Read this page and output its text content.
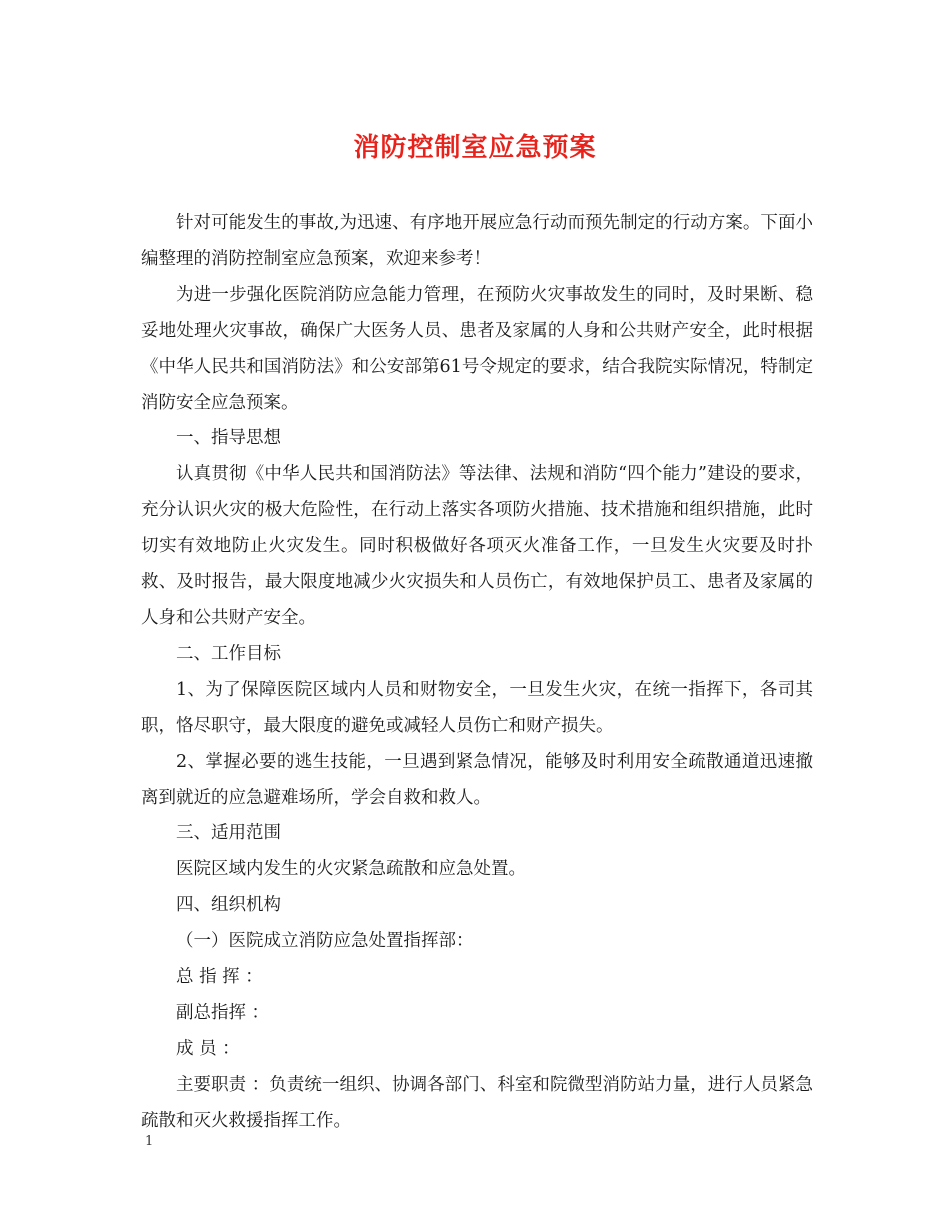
消防控制室应急预案

针对可能发生的事故,为迅速、有序地开展应急行动而预先制定的行动方案。下面小编整理的消防控制室应急预案，欢迎来参考！

为进一步强化医院消防应急能力管理，在预防火灾事故发生的同时，及时果断、稳妥地处理火灾事故，确保广大医务人员、患者及家属的人身和公共财产安全，此时根据《中华人民共和国消防法》和公安部第61号令规定的要求，结合我院实际情况，特制定消防安全应急预案。

一、指导思想

认真贯彻《中华人民共和国消防法》等法律、法规和消防“四个能力”建设的要求，充分认识火灾的极大危险性，在行动上落实各项防火措施、技术措施和组织措施，此时切实有效地防止火灾发生。同时积极做好各项灭火准备工作，一旦发生火灾要及时扑救、及时报告，最大限度地减少火灾损失和人员伤亡，有效地保护员工、患者及家属的人身和公共财产安全。

二、工作目标

1、为了保障医院区域内人员和财物安全，一旦发生火灾，在统一指挥下，各司其职，恪尽职守，最大限度的避免或减轻人员伤亡和财产损失。

2、掌握必要的逃生技能，一旦遇到紧急情况，能够及时利用安全疏散通道迅速撤离到就近的应急避难场所，学会自救和救人。

三、适用范围

医院区域内发生的火灾紧急疏散和应急处置。

四、组织机构

（一）医院成立消防应急处置指挥部：

总 指 挥 ：

副总指挥 ：

成 员 ：

主要职责 ：负责统一组织、协调各部门、科室和院微型消防站力量，进行人员紧急疏散和灭火救援指挥工作。

1
